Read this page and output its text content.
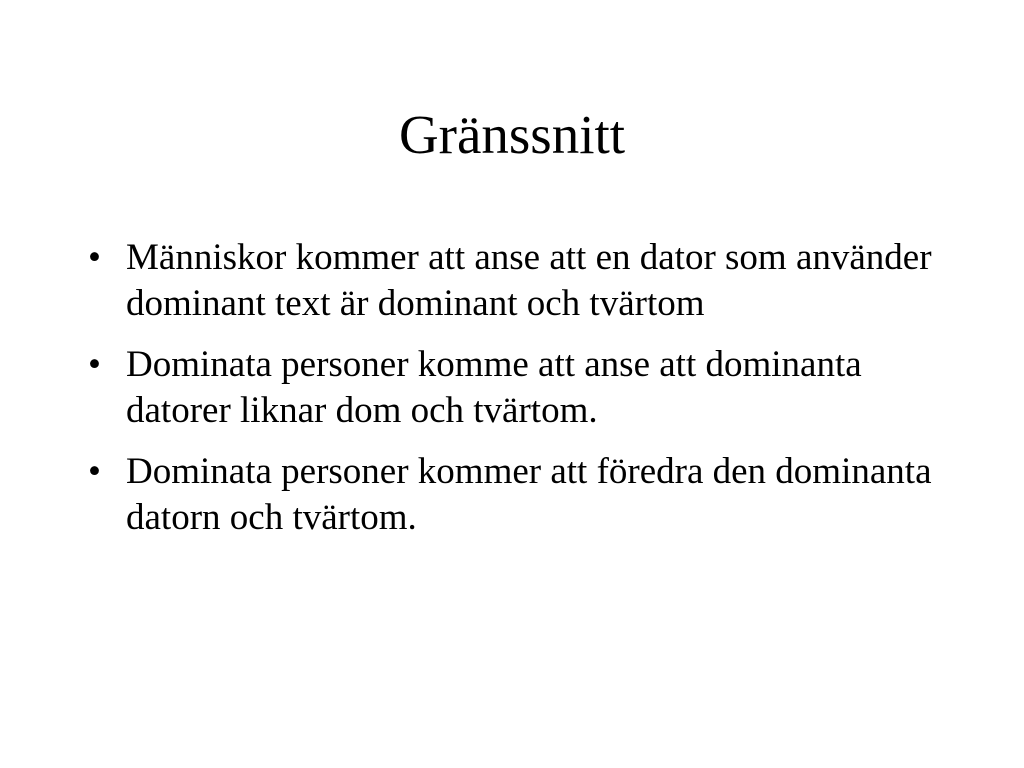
Gränssnitt
• Människor kommer att anse att en dator som använder dominant text är dominant och tvärtom
• Dominata personer komme att anse att dominanta datorer liknar dom och tvärtom.
• Dominata personer kommer att föredra den dominanta datorn och tvärtom.
